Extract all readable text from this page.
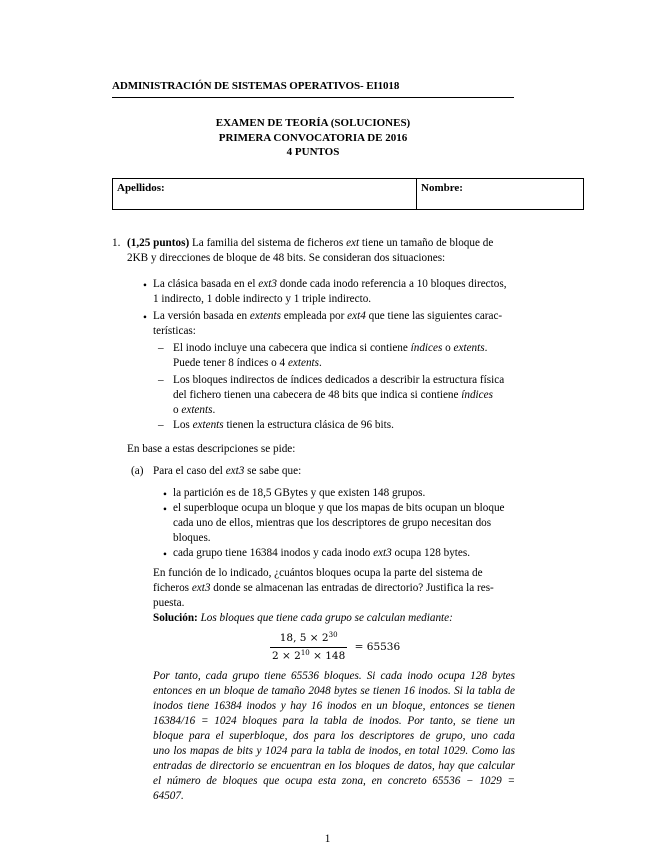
ADMINISTRACIÓN DE SISTEMAS OPERATIVOS- EI1018
EXAMEN DE TEORÍA (SOLUCIONES)
PRIMERA CONVOCATORIA DE 2016
4 PUNTOS
Apellidos:	Nombre:
1. (1,25 puntos) La familia del sistema de ficheros ext tiene un tamaño de bloque de
2KB y direcciones de bloque de 48 bits. Se consideran dos situaciones:
• La clásica basada en el ext3 donde cada inodo referencia a 10 bloques directos,
1 indirecto, 1 doble indirecto y 1 triple indirecto.
• La versión basada en extents empleada por ext4 que tiene las siguientes carac-
terísticas:
– El inodo incluye una cabecera que indica si contiene índices o extents.
Puede tener 8 índices o 4 extents.
– Los bloques indirectos de índices dedicados a describir la estructura física
del fichero tienen una cabecera de 48 bits que indica si contiene índices
o extents.
– Los extents tienen la estructura clásica de 96 bits.
En base a estas descripciones se pide:
(a) Para el caso del ext3 se sabe que:
• la partición es de 18,5 GBytes y que existen 148 grupos.
• el superbloque ocupa un bloque y que los mapas de bits ocupan un bloque
cada uno de ellos, mientras que los descriptores de grupo necesitan dos
bloques.
• cada grupo tiene 16384 inodos y cada inodo ext3 ocupa 128 bytes.
En función de lo indicado, ¿cuántos bloques ocupa la parte del sistema de
ficheros ext3 donde se almacenan las entradas de directorio? Justifica la res-
puesta.
Solución: Los bloques que tiene cada grupo se calculan mediante:
$\frac{18, 5 \times 2^{30}}{2 \times 2^{10} \times 148} = 65536$
Por tanto, cada grupo tiene 65536 bloques. Si cada inodo ocupa 128 bytes
entonces en un bloque de tamaño 2048 bytes se tienen 16 inodos. Si la tabla de
inodos tiene 16384 inodos y hay 16 inodos en un bloque, entonces se tienen
16384/16 = 1024 bloques para la tabla de inodos. Por tanto, se tiene un
bloque para el superbloque, dos para los descriptores de grupo, uno cada
uno los mapas de bits y 1024 para la tabla de inodos, en total 1029. Como las
entradas de directorio se encuentran en los bloques de datos, hay que calcular
el número de bloques que ocupa esta zona, en concreto 65536 − 1029 =
64507.
1
